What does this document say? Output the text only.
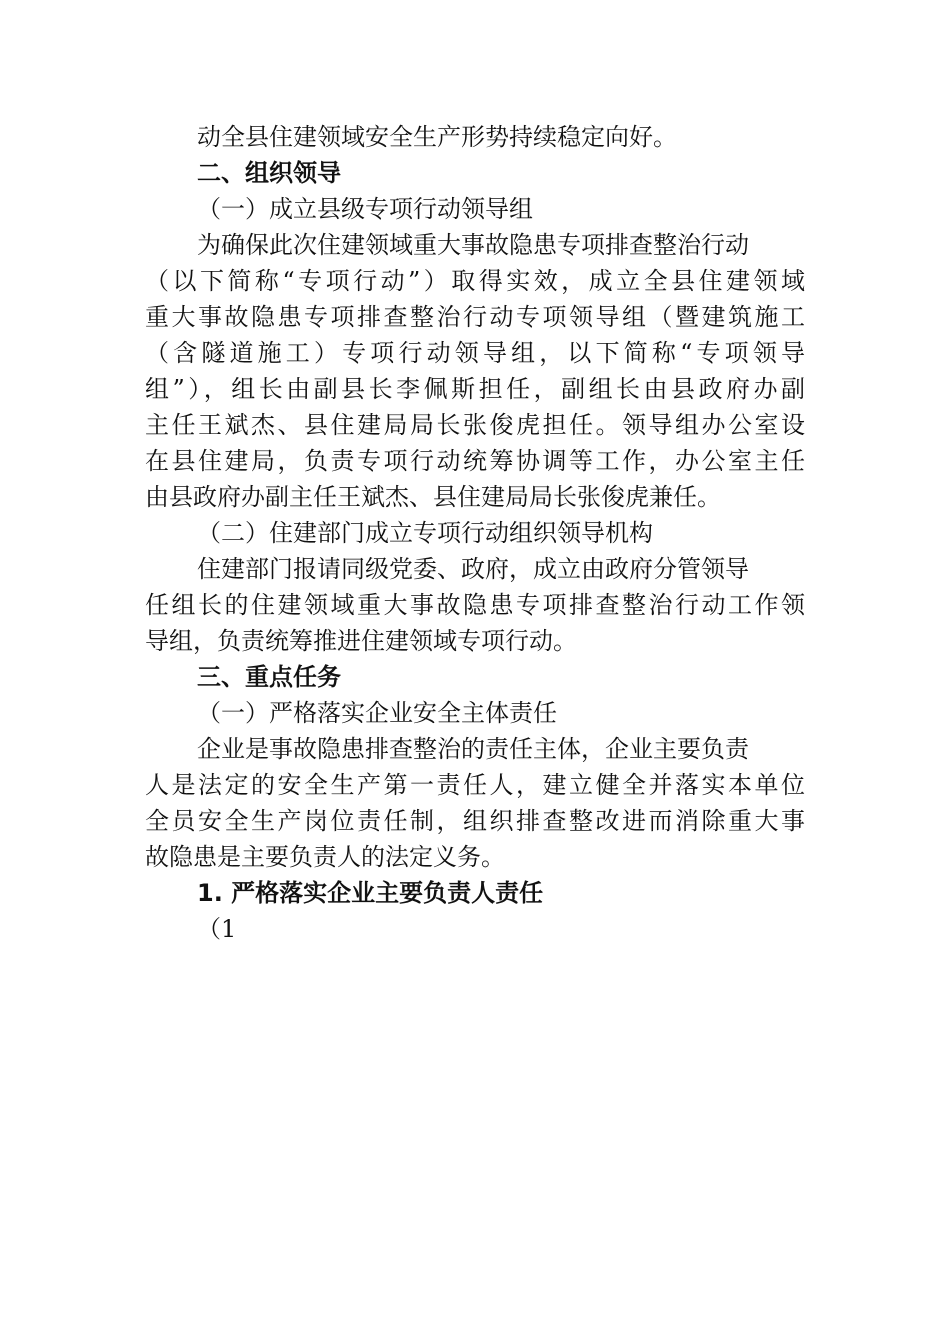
动全县住建领域安全生产形势持续稳定向好。
二、组织领导
（一）成立县级专项行动领导组
为确保此次住建领域重大事故隐患专项排查整治行动
（以下简称“专项行动”）取得实效，成立全县住建领域
重大事故隐患专项排查整治行动专项领导组（暨建筑施工
（含隧道施工）专项行动领导组，以下简称“专项领导
组”），组长由副县长李佩斯担任，副组长由县政府办副
主任王斌杰、县住建局局长张俊虎担任。领导组办公室设
在县住建局，负责专项行动统筹协调等工作，办公室主任
由县政府办副主任王斌杰、县住建局局长张俊虎兼任。
（二）住建部门成立专项行动组织领导机构
住建部门报请同级党委、政府，成立由政府分管领导
任组长的住建领域重大事故隐患专项排查整治行动工作领
导组，负责统筹推进住建领域专项行动。
三、重点任务
（一）严格落实企业安全主体责任
企业是事故隐患排查整治的责任主体，企业主要负责
人是法定的安全生产第一责任人，建立健全并落实本单位
全员安全生产岗位责任制，组织排查整改进而消除重大事
故隐患是主要负责人的法定义务。
1. 严格落实企业主要负责人责任
（1
